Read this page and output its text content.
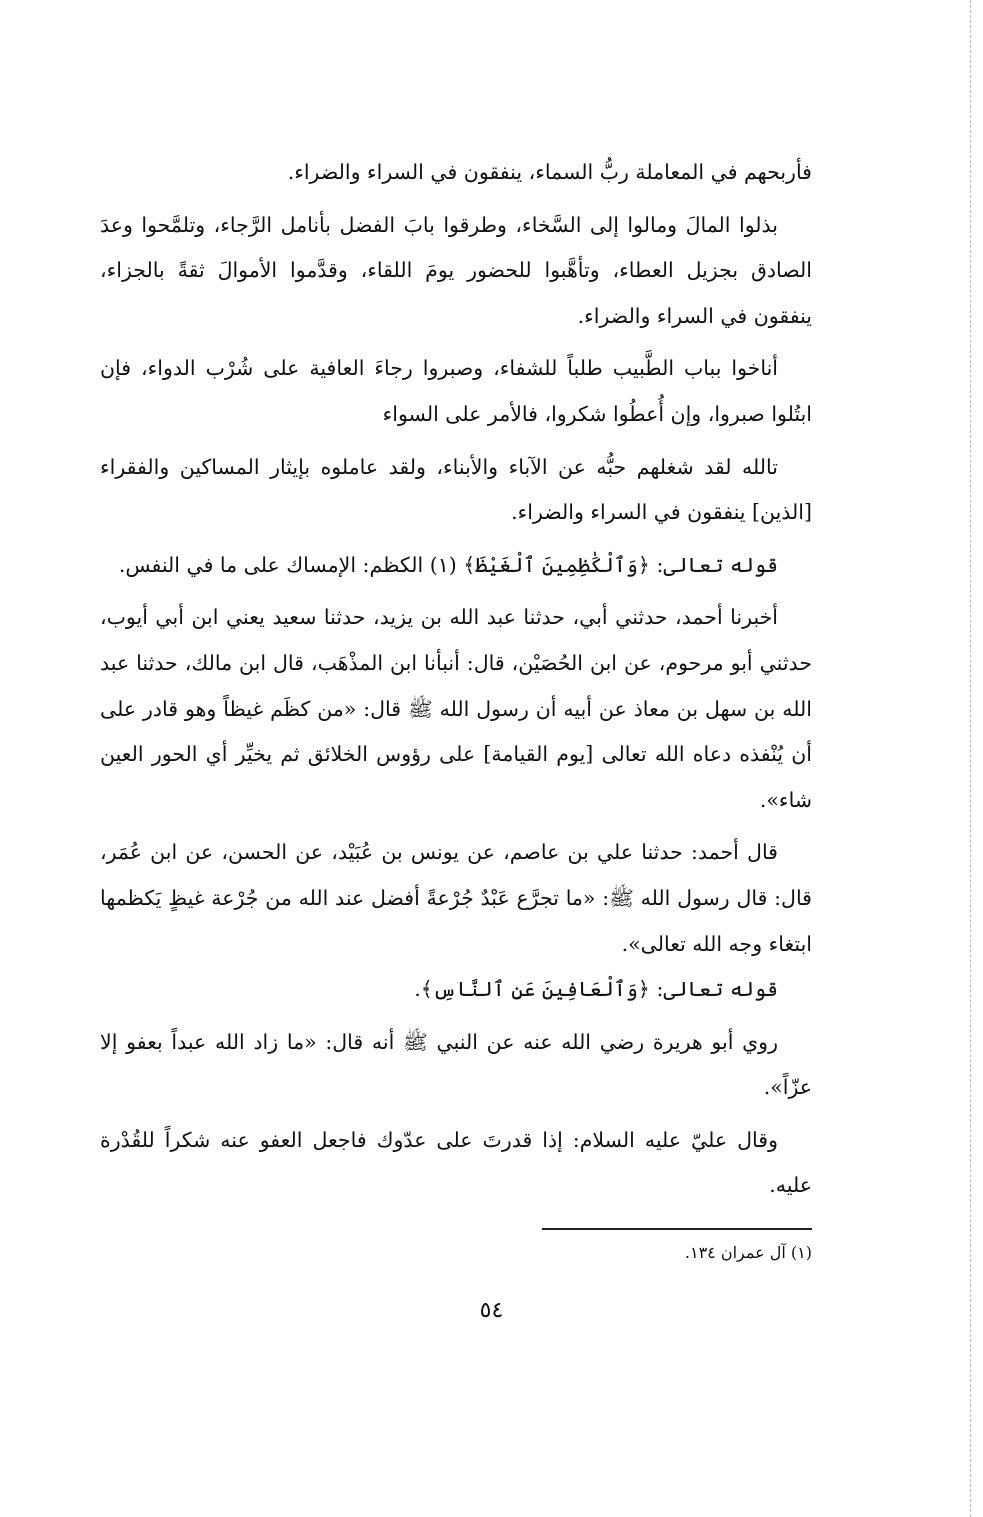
فأربحهم في المعاملة ربُّ السماء، ينفقون في السراء والضراء.

بذلوا المالَ ومالوا إلى السَّخاء، وطرقوا بابَ الفضل بأنامل الرَّجاء، وتلمَّحوا وعدَ الصادق بجزيل العطاء، وتأهَّبوا للحضور يومَ اللقاء، وقدَّموا الأموالَ ثقةً بالجزاء، ينفقون في السراء والضراء.

أناخوا بباب الطَّبيب طلباً للشفاء، وصبروا رجاءَ العافية على شُرْب الدواء، فإن ابتُلوا صبروا، وإن أُعطُوا شكروا، فالأمر على السواء

تالله لقد شغلهم حبُّه عن الآباء والأبناء، ولقد عاملوه بإيثار المساكين والفقراء [الذين] ينفقون في السراء والضراء.

قوله تعالى: ﴿وَٱلْكَٰظِمِينَ ٱلْغَيْظَ﴾ (١) الكظم: الإمساك على ما في النفس.

أخبرنا أحمد، حدثني أبي، حدثنا عبد الله بن يزيد، حدثنا سعيد يعني ابن أبي أيوب، حدثني أبو مرحوم، عن ابن الحُصَيْن، قال: أنبأنا ابن المذْهَب، قال ابن مالك، حدثنا عبد الله بن سهل بن معاذ عن أبيه أن رسول الله ﷺ قال: «من كظَم غيظاً وهو قادر على أن يُنْفذه دعاه الله تعالى [يوم القيامة] على رؤوس الخلائق ثم يخيِّر أي الحور العين شاء».

قال أحمد: حدثنا علي بن عاصم، عن يونس بن عُبَيْد، عن الحسن، عن ابن عُمَر، قال: قال رسول الله ﷺ: «ما تجرَّع عَبْدٌ جُرْعةً أفضل عند الله من جُرْعة غيظٍ يَكظمها ابتغاء وجه الله تعالى».

قوله تعالى: ﴿وَٱلْعَافِينَ عَنِ ٱلنَّاسِ﴾.

روي أبو هريرة رضي الله عنه عن النبي ﷺ أنه قال: «ما زاد الله عبداً بعفو إلا عزّاً».

وقال عليّ عليه السلام: إذا قدرتَ على عدّوك فاجعل العفو عنه شكراً للقُدْرة عليه.

(١) آل عمران ١٣٤.
٥٤
